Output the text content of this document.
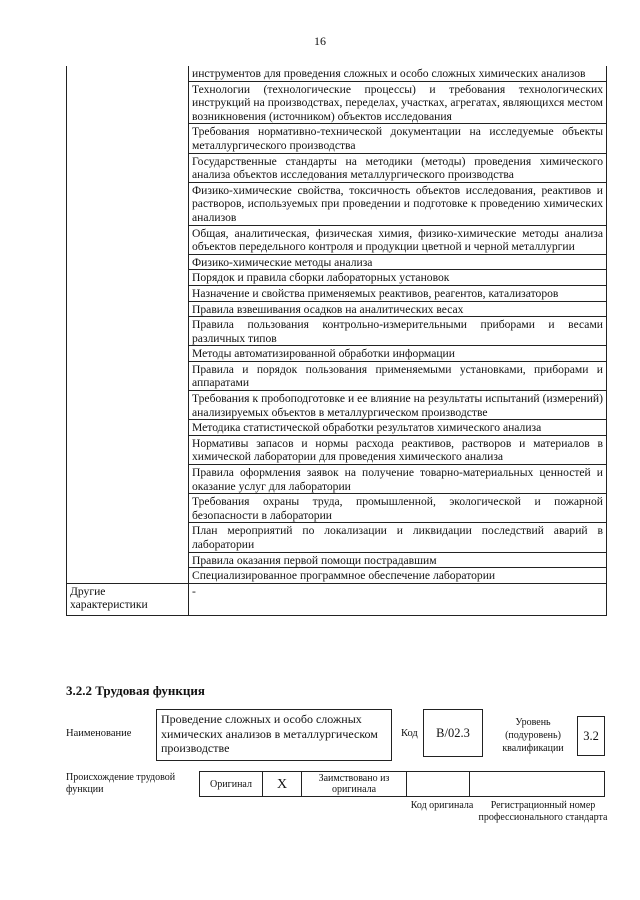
16
	инструментов для проведения сложных и особо сложных химических анализов
	Технологии (технологические процессы) и требования технологических инструкций на производствах, переделах, участках, агрегатах, являющихся местом возникновения (источником) объектов исследования
	Требования нормативно-технической документации на исследуемые объекты металлургического производства
	Государственные стандарты на методики (методы) проведения химического анализа объектов исследования металлургического производства
	Физико-химические свойства, токсичность объектов исследования, реактивов и растворов, используемых при проведении и подготовке к проведению химических анализов
	Общая, аналитическая, физическая химия, физико-химические методы анализа объектов передельного контроля и продукции цветной и черной металлургии
	Физико-химические методы анализа
	Порядок и правила сборки лабораторных установок
	Назначение и свойства применяемых реактивов, реагентов, катализаторов
	Правила взвешивания осадков на аналитических весах
	Правила пользования контрольно-измерительными приборами и весами различных типов
	Методы автоматизированной обработки информации
	Правила и порядок пользования применяемыми установками, приборами и аппаратами
	Требования к пробоподготовке и ее влияние на результаты испытаний (измерений) анализируемых объектов в металлургическом производстве
	Методика статистической обработки результатов химического анализа
	Нормативы запасов и нормы расхода реактивов, растворов и материалов в химической лаборатории для проведения химического анализа
	Правила оформления заявок на получение товарно-материальных ценностей и оказание услуг для лаборатории
	Требования охраны труда, промышленной, экологической и пожарной безопасности в лаборатории
	План мероприятий по локализации и ликвидации последствий аварий в лаборатории
	Правила оказания первой помощи пострадавшим
	Специализированное программное обеспечение лаборатории
Другие характеристики	-
3.2.2 Трудовая функция
Наименование
Проведение сложных и особо сложных химических анализов в металлургическом производстве
Код	B/02.3
Уровень (подуровень) квалификации
3.2
Происхождение трудовой функции	Оригинал	X	Заимствовано из оригинала
Код оригинала	Регистрационный номер профессионального стандарта
